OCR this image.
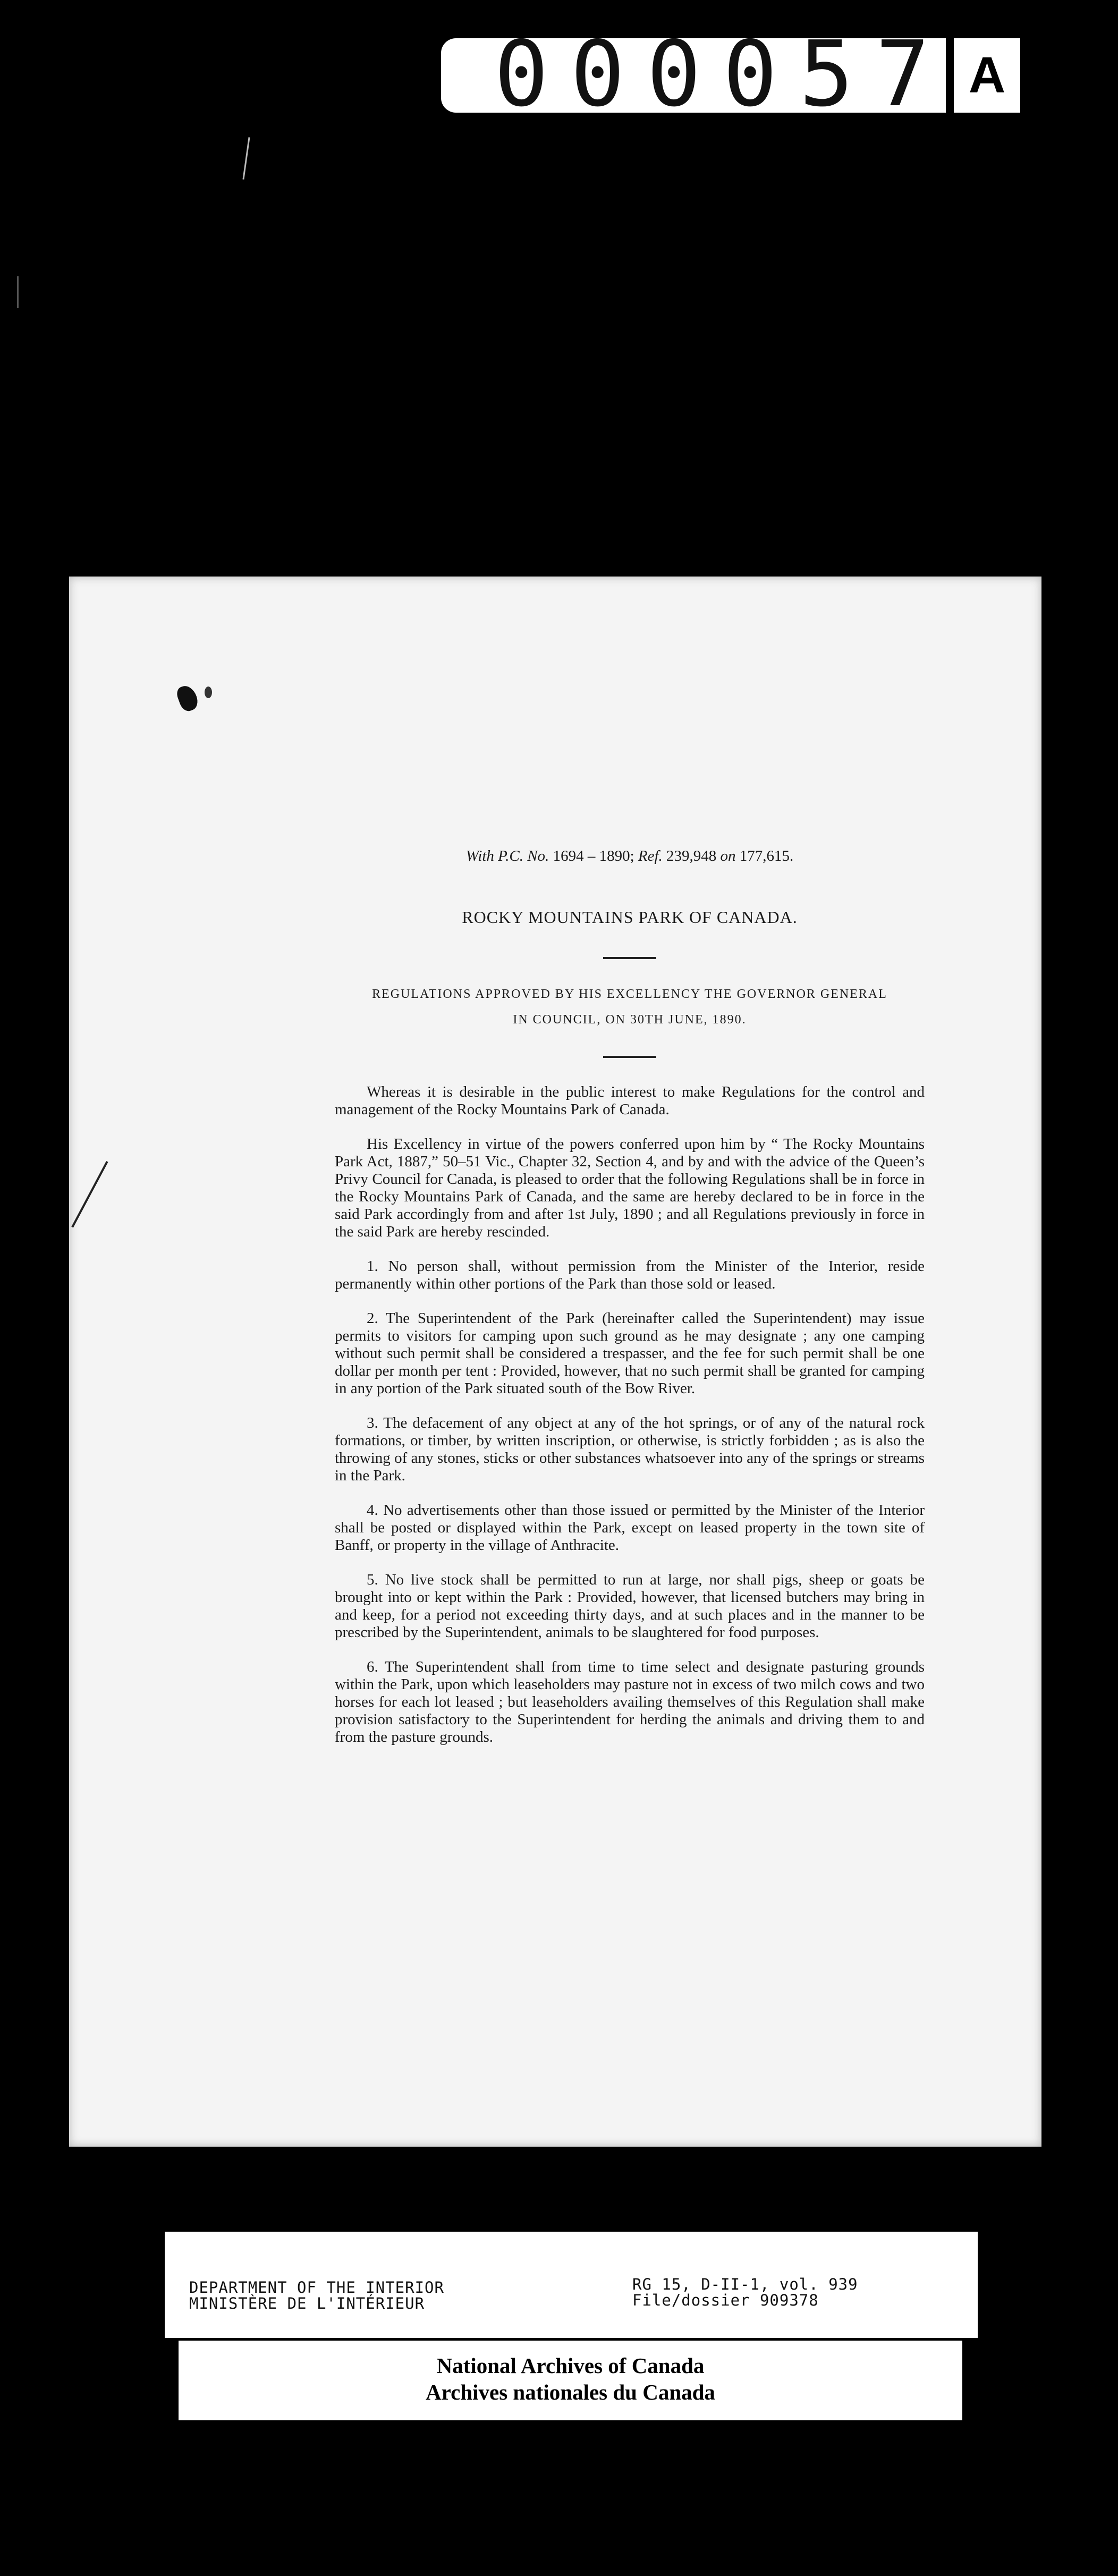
0 0 0 0 5 7 A
With P.C. No. 1694 – 1890; Ref. 239,948 on 177,615.
ROCKY MOUNTAINS PARK OF CANADA.
REGULATIONS APPROVED BY HIS EXCELLENCY THE GOVERNOR GENERAL
IN COUNCIL, ON 30TH JUNE, 1890.

Whereas it is desirable in the public interest to make Regulations for the control and management of the Rocky Mountains Park of Canada.

His Excellency in virtue of the powers conferred upon him by “ The Rocky Mountains Park Act, 1887,” 50–51 Vic., Chapter 32, Section 4, and by and with the advice of the Queen’s Privy Council for Canada, is pleased to order that the following Regulations shall be in force in the Rocky Mountains Park of Canada, and the same are hereby declared to be in force in the said Park accordingly from and after 1st July, 1890 ; and all Regulations previously in force in the said Park are hereby rescinded.

1. No person shall, without permission from the Minister of the Interior, reside permanently within other portions of the Park than those sold or leased.

2. The Superintendent of the Park (hereinafter called the Superintendent) may issue permits to visitors for camping upon such ground as he may designate ; any one camping without such permit shall be considered a trespasser, and the fee for such permit shall be one dollar per month per tent : Provided, however, that no such permit shall be granted for camping in any portion of the Park situated south of the Bow River.

3. The defacement of any object at any of the hot springs, or of any of the natural rock formations, or timber, by written inscription, or otherwise, is strictly forbidden ; as is also the throwing of any stones, sticks or other substances whatsoever into any of the springs or streams in the Park.

4. No advertisements other than those issued or permitted by the Minister of the Interior shall be posted or displayed within the Park, except on leased property in the town site of Banff, or property in the village of Anthracite.

5. No live stock shall be permitted to run at large, nor shall pigs, sheep or goats be brought into or kept within the Park : Provided, however, that licensed butchers may bring in and keep, for a period not exceeding thirty days, and at such places and in the manner to be prescribed by the Superintendent, animals to be slaughtered for food purposes.

6. The Superintendent shall from time to time select and designate pasturing grounds within the Park, upon which leaseholders may pasture not in excess of two milch cows and two horses for each lot leased ; but leaseholders availing themselves of this Regulation shall make provision satisfactory to the Superintendent for herding the animals and driving them to and from the pasture grounds.

DEPARTMENT OF THE INTERIOR
MINISTÈRE DE L'INTÉRIEUR
RG 15, D-II-1, vol. 939
File/dossier 909378
National Archives of Canada
Archives nationales du Canada
